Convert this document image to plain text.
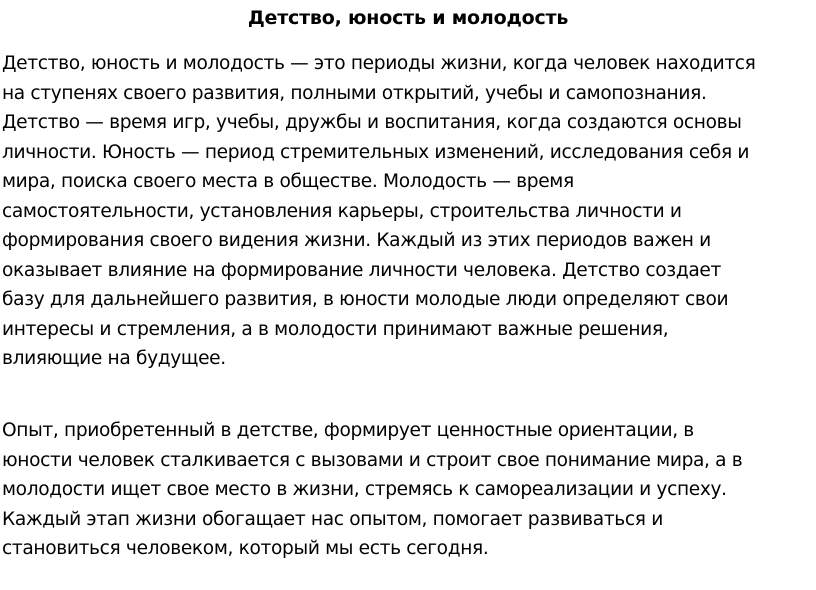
Детство, юность и молодость

Детство, юность и молодость — это периоды жизни, когда человек находится
на ступенях своего развития, полными открытий, учебы и самопознания.
Детство — время игр, учебы, дружбы и воспитания, когда создаются основы
личности. Юность — период стремительных изменений, исследования себя и
мира, поиска своего места в обществе. Молодость — время
самостоятельности, установления карьеры, строительства личности и
формирования своего видения жизни. Каждый из этих периодов важен и
оказывает влияние на формирование личности человека. Детство создает
базу для дальнейшего развития, в юности молодые люди определяют свои
интересы и стремления, а в молодости принимают важные решения,
влияющие на будущее.

Опыт, приобретенный в детстве, формирует ценностные ориентации, в
юности человек сталкивается с вызовами и строит свое понимание мира, а в
молодости ищет свое место в жизни, стремясь к самореализации и успеху.
Каждый этап жизни обогащает нас опытом, помогает развиваться и
становиться человеком, который мы есть сегодня.
